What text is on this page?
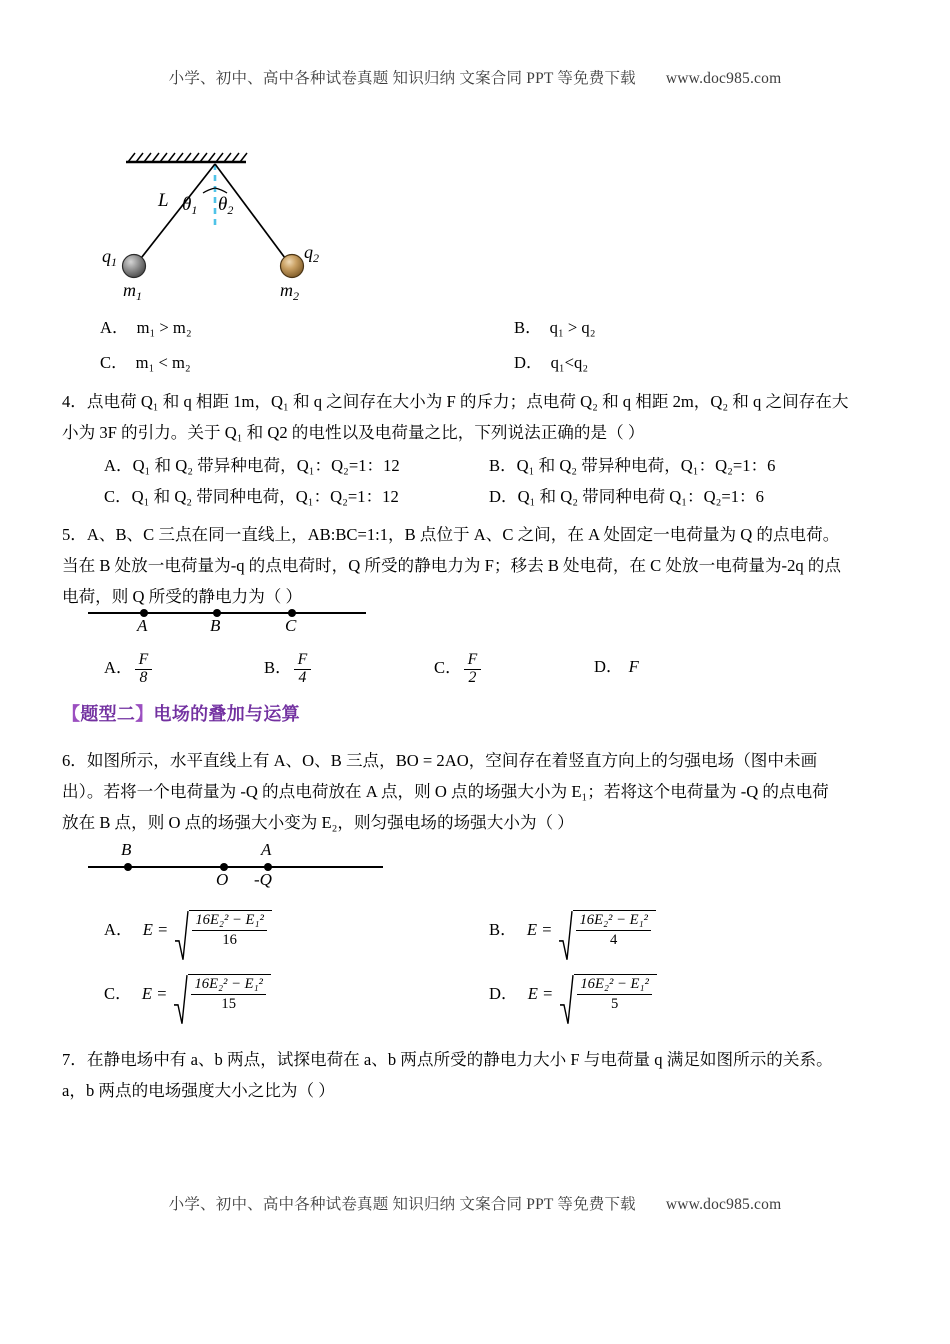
小学、初中、高中各种试卷真题 知识归纳 文案合同 PPT 等免费下载 www.doc985.com
L $\theta_1$ $\theta_2$
$q_1$
$m_1$
$q_2$
$m_2$
A． m₁ > m₂	B． q₁ > q₂
C． m₁ < m₂	D． q₁<q₂
4．点电荷 Q₁ 和 q 相距 1m，Q₁ 和 q 之间存在大小为 F 的斥力；点电荷 Q₂ 和 q 相距 2m，Q₂ 和 q 之间存在大
小为 3F 的引力。关于 Q₁ 和 Q2 的电性以及电荷量之比，下列说法正确的是（ ）
A．Q₁ 和 Q₂ 带异种电荷，Q₁：Q₂=1：12	B．Q₁ 和 Q₂ 带异种电荷，Q₁：Q₂=1：6
C．Q₁ 和 Q₂ 带同种电荷，Q₁：Q₂=1：12	D．Q₁ 和 Q₂ 带同种电荷 Q₁：Q₂=1：6
5．A、B、C 三点在同一直线上，AB:BC=1:1，B 点位于 A、C 之间，在 A 处固定一电荷量为 Q 的点电荷。
当在 B 处放一电荷量为-q 的点电荷时，Q 所受的静电力为 F；移去 B 处电荷，在 C 处放一电荷量为-2q 的点
电荷，则 Q 所受的静电力为（ ）
A	B	C
A． $\frac{F}{8}$	B． $\frac{F}{4}$	C． $\frac{F}{2}$	D． F
【题型二】电场的叠加与运算
6．如图所示，水平直线上有 A、O、B 三点，BO = 2AO，空间存在着竖直方向上的匀强电场（图中未画
出）。若将一个电荷量为 -Q 的点电荷放在 A 点，则 O 点的场强大小为 E₁；若将这个电荷量为 -Q 的点电荷
放在 B 点，则 O 点的场强大小变为 E₂，则匀强电场的场强大小为（ ）
B
O
A
-Q
A． $E = \frac{\text{16E₂² − E₁²}}{16}$	B． $E = \frac{\text{16E₂² − E₁²}}{4}$
C． $E = \frac{\text{16E₂² − E₁²}}{15}$	D． $E = \frac{\text{16E₂² − E₁²}}{5}$
7．在静电场中有 a、b 两点，试探电荷在 a、b 两点所受的静电力大小 F 与电荷量 q 满足如图所示的关系。
a，b 两点的电场强度大小之比为（ ）
小学、初中、高中各种试卷真题 知识归纳 文案合同 PPT 等免费下载 www.doc985.com
